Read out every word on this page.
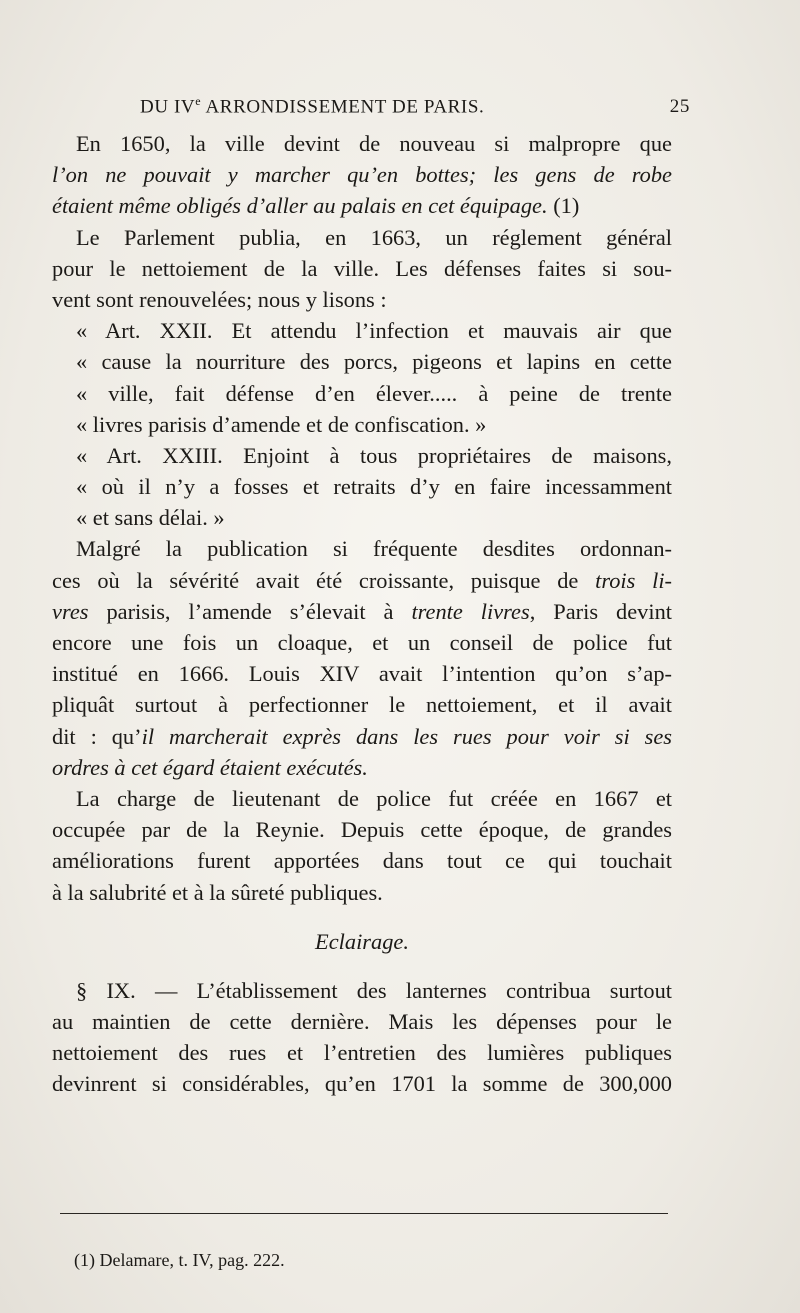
DU IVe ARRONDISSEMENT DE PARIS.	25
En 1650, la ville devint de nouveau si malpropre que
l’on ne pouvait y marcher qu’en bottes; les gens de robe
étaient même obligés d’aller au palais en cet équipage. (1)
Le Parlement publia, en 1663, un réglement général
pour le nettoiement de la ville. Les défenses faites si sou-
vent sont renouvelées; nous y lisons :
« Art. XXII. Et attendu l’infection et mauvais air que
« cause la nourriture des porcs, pigeons et lapins en cette
« ville, fait défense d’en élever..... à peine de trente
« livres parisis d’amende et de confiscation. »
« Art. XXIII. Enjoint à tous propriétaires de maisons,
« où il n’y a fosses et retraits d’y en faire incessamment
« et sans délai. »
Malgré la publication si fréquente desdites ordonnan-
ces où la sévérité avait été croissante, puisque de trois li-
vres parisis, l’amende s’élevait à trente livres, Paris devint
encore une fois un cloaque, et un conseil de police fut
institué en 1666. Louis XIV avait l’intention qu’on s’ap-
pliquât surtout à perfectionner le nettoiement, et il avait
dit : qu’il marcherait exprès dans les rues pour voir si ses
ordres à cet égard étaient exécutés.
La charge de lieutenant de police fut créée en 1667 et
occupée par de la Reynie. Depuis cette époque, de grandes
améliorations furent apportées dans tout ce qui touchait
à la salubrité et à la sûreté publiques.
Eclairage.
§ IX. — L’établissement des lanternes contribua surtout
au maintien de cette dernière. Mais les dépenses pour le
nettoiement des rues et l’entretien des lumières publiques
devinrent si considérables, qu’en 1701 la somme de 300,000
(1) Delamare, t. IV, pag. 222.
